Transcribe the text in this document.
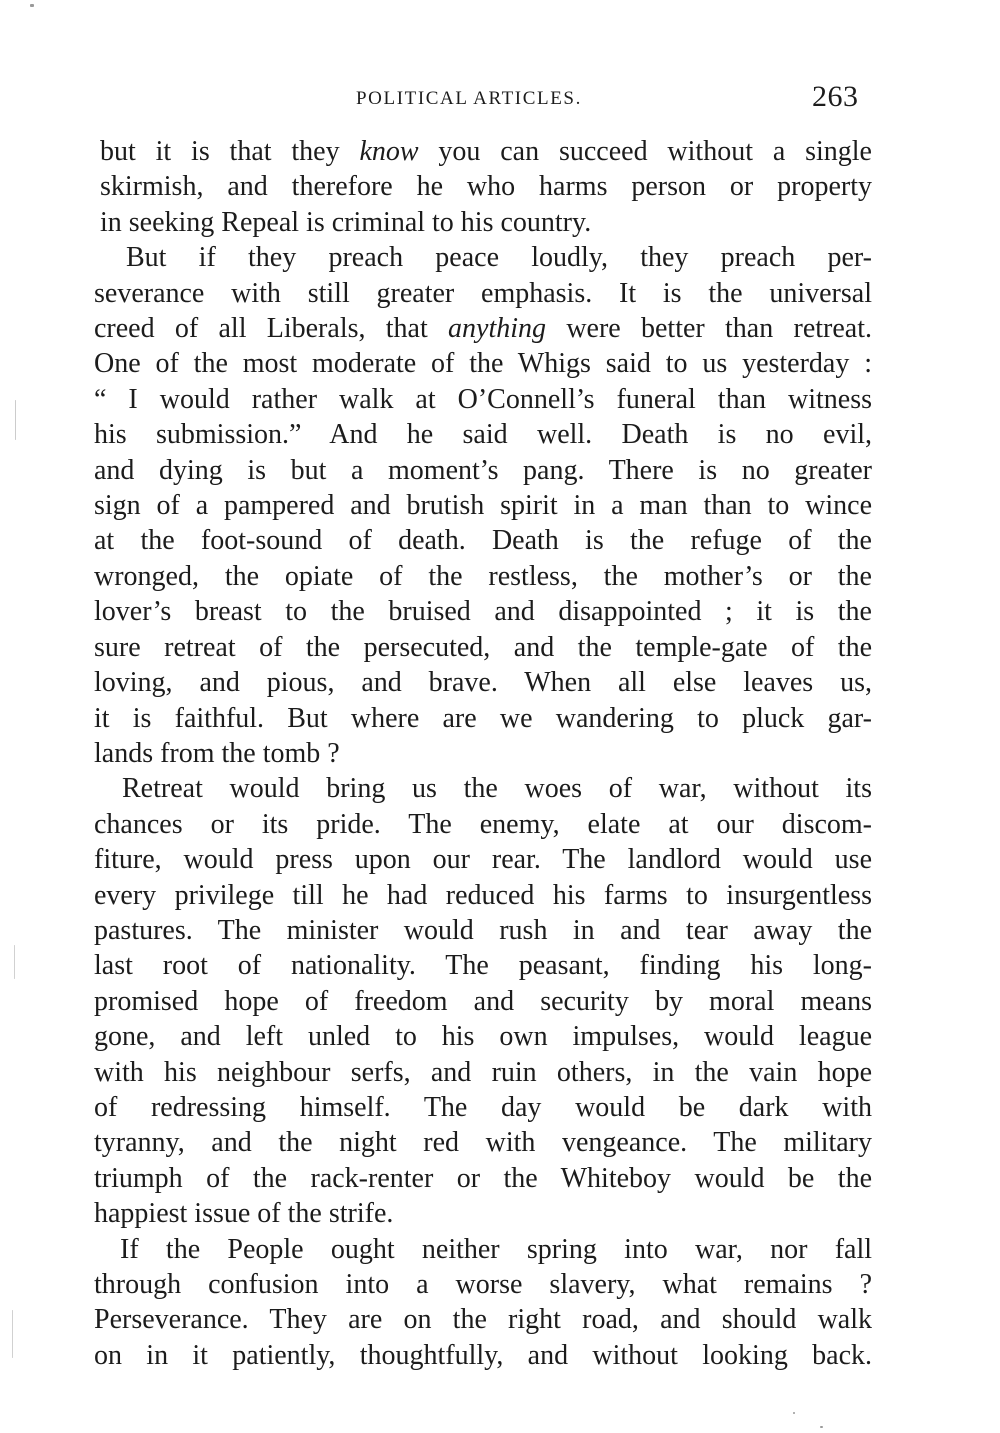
POLITICAL ARTICLES.	263

but it is that they know you can succeed without a single
skirmish, and therefore he who harms person or property
in seeking Repeal is criminal to his country.

But if they preach peace loudly, they preach per-
severance with still greater emphasis. It is the universal
creed of all Liberals, that anything were better than retreat.
One of the most moderate of the Whigs said to us yesterday :
“ I would rather walk at O’Connell’s funeral than witness
his submission.” And he said well. Death is no evil,
and dying is but a moment’s pang. There is no greater
sign of a pampered and brutish spirit in a man than to wince
at the foot-sound of death. Death is the refuge of the
wronged, the opiate of the restless, the mother’s or the
lover’s breast to the bruised and disappointed ; it is the
sure retreat of the persecuted, and the temple-gate of the
loving, and pious, and brave. When all else leaves us,
it is faithful. But where are we wandering to pluck gar-
lands from the tomb ?

Retreat would bring us the woes of war, without its
chances or its pride. The enemy, elate at our discom-
fiture, would press upon our rear. The landlord would use
every privilege till he had reduced his farms to insurgentless
pastures. The minister would rush in and tear away the
last root of nationality. The peasant, finding his long-
promised hope of freedom and security by moral means
gone, and left unled to his own impulses, would league
with his neighbour serfs, and ruin others, in the vain hope
of redressing himself. The day would be dark with
tyranny, and the night red with vengeance. The military
triumph of the rack-renter or the Whiteboy would be the
happiest issue of the strife.

If the People ought neither spring into war, nor fall
through confusion into a worse slavery, what remains ?
Perseverance. They are on the right road, and should walk
on in it patiently, thoughtfully, and without looking back.
